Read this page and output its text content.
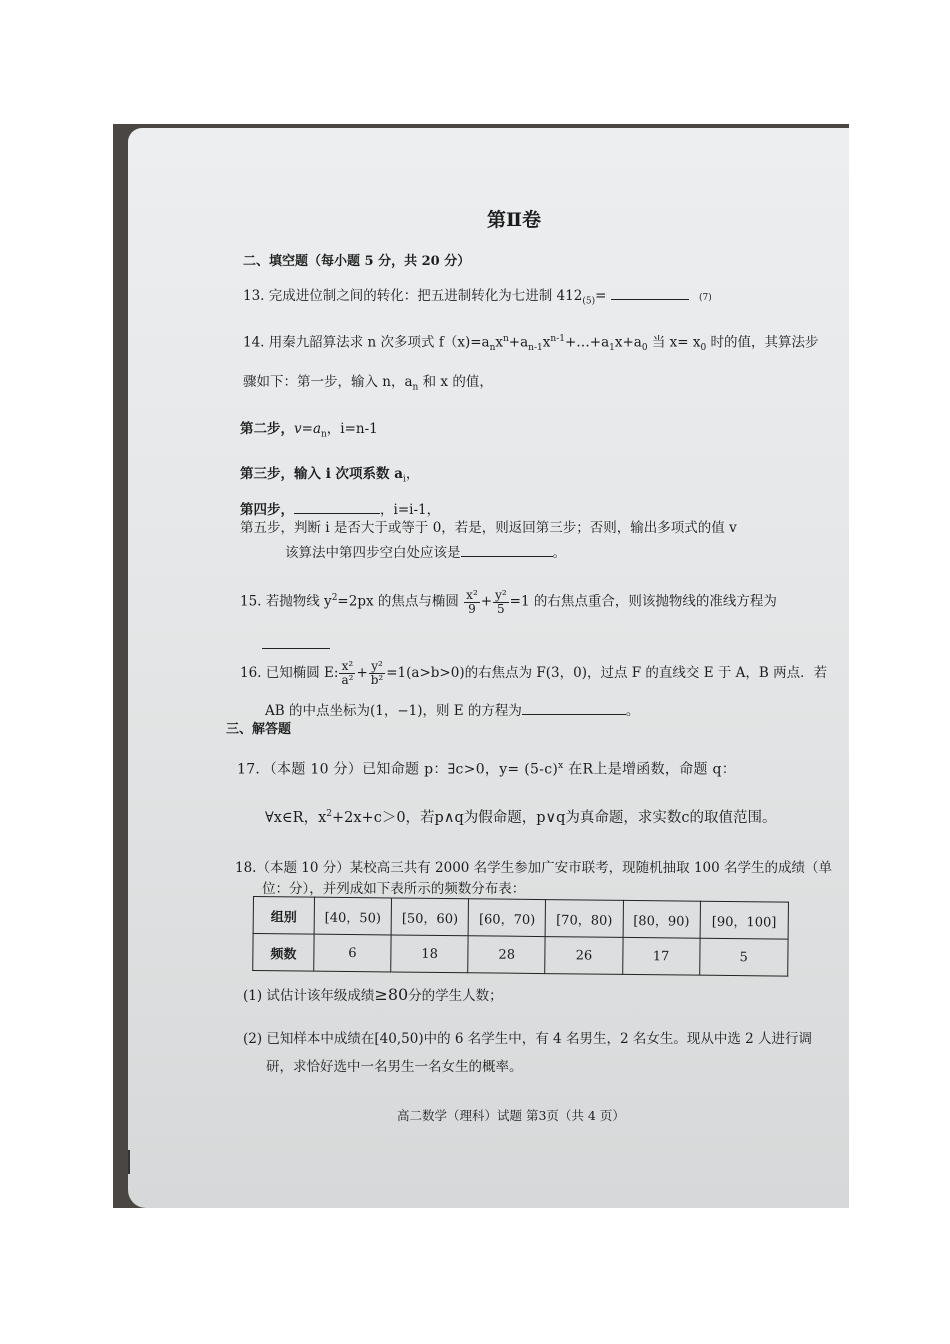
第Ⅱ卷
二、填空题（每小题 5 分，共 20 分）
13. 完成进位制之间的转化：把五进制转化为七进制 $412_{(5)}=$	(7)
14. 用秦九韶算法求 n 次多项式 $f(x)=a_nx^n+a_{n-1}x^{n-1}+\dots+a_1x+a_0$ 当 $x= x_0$ 时的值，其算法步
骤如下：第一步，输入 n，$a_n$ 和 x 的值，
第二步，$v=a_n$，i=n-1
第三步，输入 i 次项系数 $a_i$，
第四步，	，i=i-1，
第五步，判断 i 是否大于或等于 0，若是，则返回第三步；否则，输出多项式的值 v
该算法中第四步空白处应该是	。
15. 若抛物线 $y^2=2px$ 的焦点与椭圆 $\frac{\text{x²}}{9} + \frac{\text{y²}}{5} =1$ 的右焦点重合，则该抛物线的准线方程为
16. 已知椭圆 E: $\frac{\text{x²}}{\text{a²}} + \frac{\text{y²}}{\text{b²}} =1(a>b>0)$的右焦点为 F(3，0)，过点 F 的直线交 E 于 A，B 两点．若
AB 的中点坐标为(1，−1)，则 E 的方程为	。
三、解答题
17．（本题 10 分）已知命题 p：∃c>0，$y= (5-c)^x$ 在R上是增函数，命题 q：
∀x∈R，$x^2+2x+c>0$，若p∧q为假命题，p∨q为真命题，求实数c的取值范围。
18.（本题 10 分）某校高三共有 2000 名学生参加广安市联考，现随机抽取 100 名学生的成绩（单
位：分），并列成如下表所示的频数分布表：
组别	[40，50)	[50，60)	[60，70)	[70，80)	[80，90)	[90，100]
频数	6	18	28	26	17	5
(1) 试估计该年级成绩≥80分的学生人数；
(2) 已知样本中成绩在[40,50)中的 6 名学生中，有 4 名男生，2 名女生。现从中选 2 人进行调
研，求恰好选中一名男生一名女生的概率。
高二数学（理科）试题 第3页（共 4 页）
